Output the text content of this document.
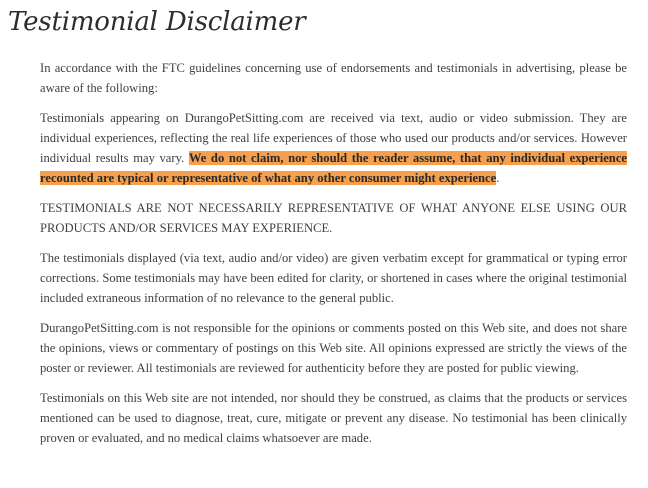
Testimonial Disclaimer

In accordance with the FTC guidelines concerning use of endorsements and testimonials in advertising, please be aware of the following:

Testimonials appearing on DurangoPetSitting.com are received via text, audio or video submission. They are individual experiences, reflecting the real life experiences of those who used our products and/or services. However individual results may vary. We do not claim, nor should the reader assume, that any individual experience recounted are typical or representative of what any other consumer might experience.

TESTIMONIALS ARE NOT NECESSARILY REPRESENTATIVE OF WHAT ANYONE ELSE USING OUR PRODUCTS AND/OR SERVICES MAY EXPERIENCE.

The testimonials displayed (via text, audio and/or video) are given verbatim except for grammatical or typing error corrections. Some testimonials may have been edited for clarity, or shortened in cases where the original testimonial included extraneous information of no relevance to the general public.

DurangoPetSitting.com is not responsible for the opinions or comments posted on this Web site, and does not share the opinions, views or commentary of postings on this Web site. All opinions expressed are strictly the views of the poster or reviewer. All testimonials are reviewed for authenticity before they are posted for public viewing.

Testimonials on this Web site are not intended, nor should they be construed, as claims that the products or services mentioned can be used to diagnose, treat, cure, mitigate or prevent any disease. No testimonial has been clinically proven or evaluated, and no medical claims whatsoever are made.
